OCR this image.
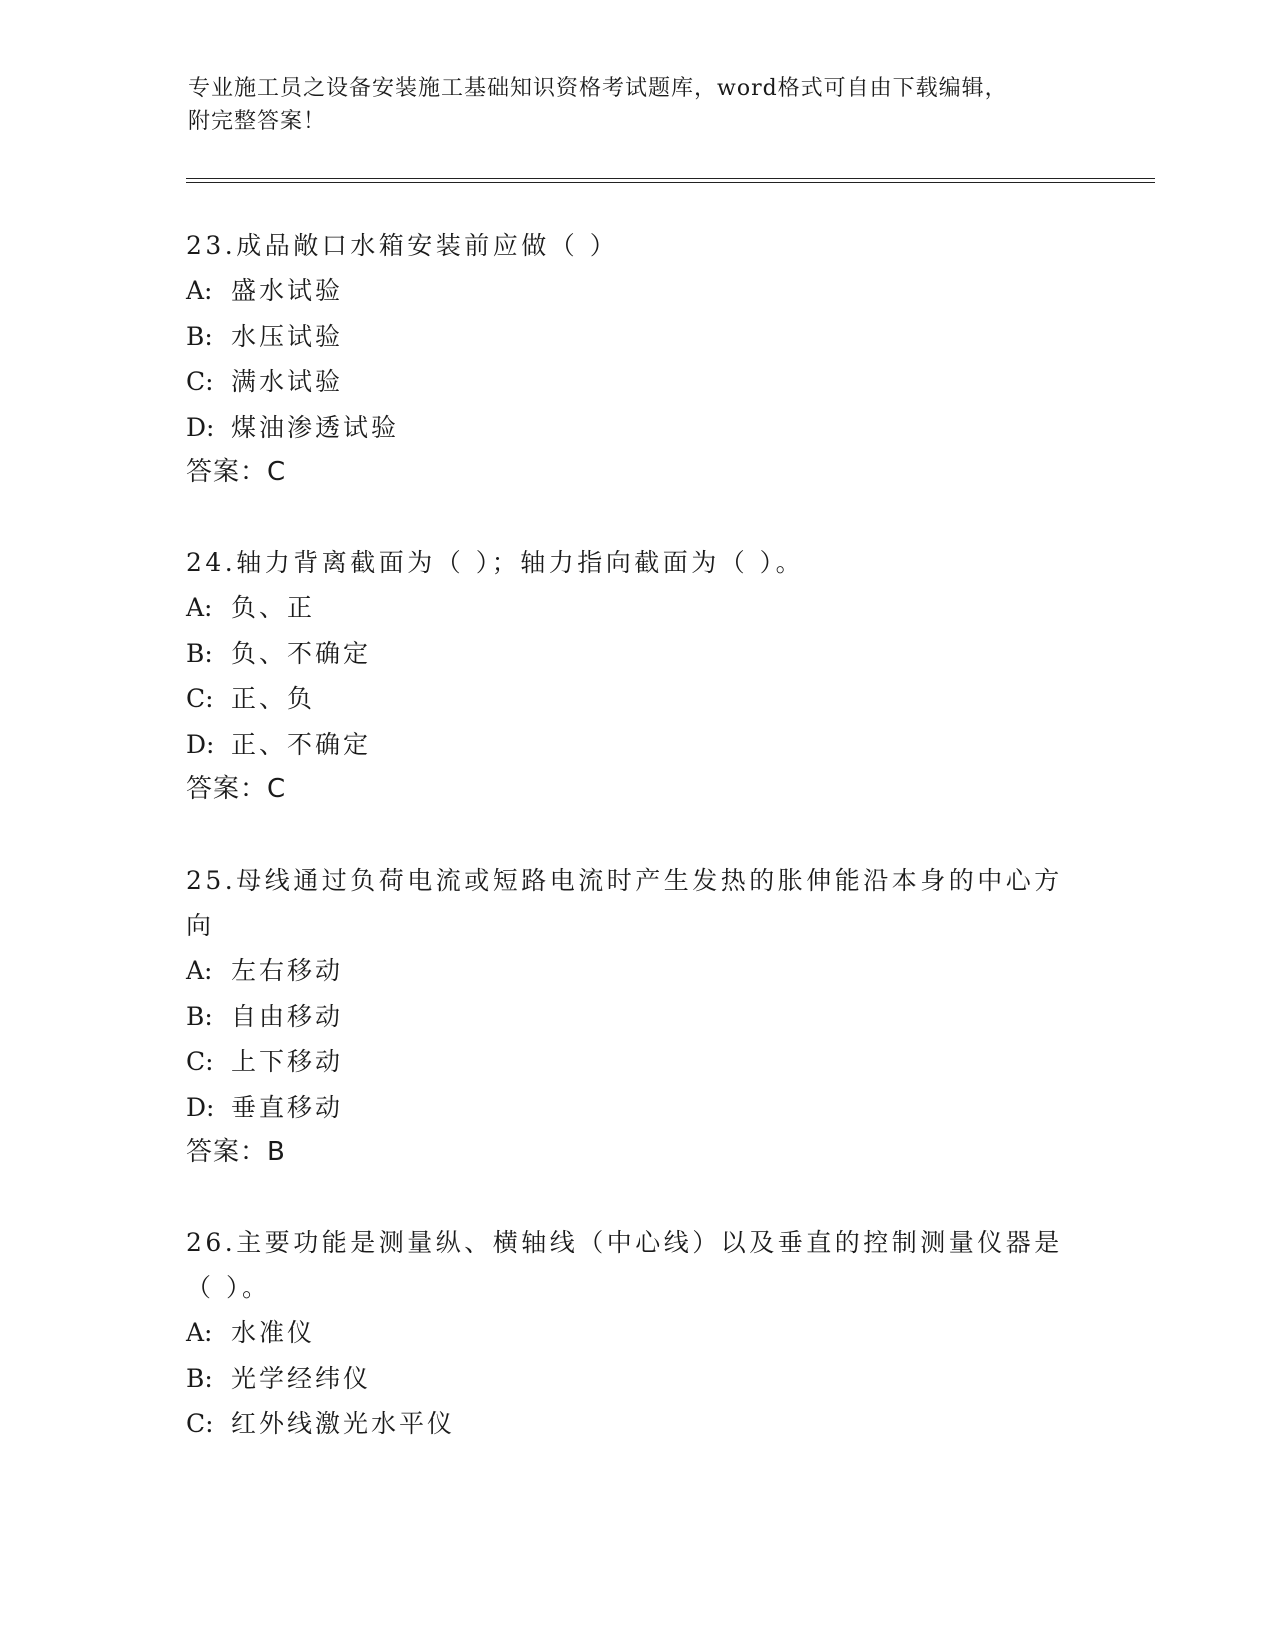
专业施工员之设备安装施工基础知识资格考试题库，word格式可自由下载编辑，
附完整答案！

23.成品敞口水箱安装前应做（ ）

A: 盛水试验

B: 水压试验

C: 满水试验

D: 煤油渗透试验

答案：C

24.轴力背离截面为（ ）；轴力指向截面为（ ）。

A: 负、正

B: 负、不确定

C: 正、负

D: 正、不确定

答案：C

25.母线通过负荷电流或短路电流时产生发热的胀伸能沿本身的中心方
向

A: 左右移动

B: 自由移动

C: 上下移动

D: 垂直移动

答案：B

26.主要功能是测量纵、横轴线（中心线）以及垂直的控制测量仪器是
（ ）。

A: 水准仪

B: 光学经纬仪

C: 红外线激光水平仪
